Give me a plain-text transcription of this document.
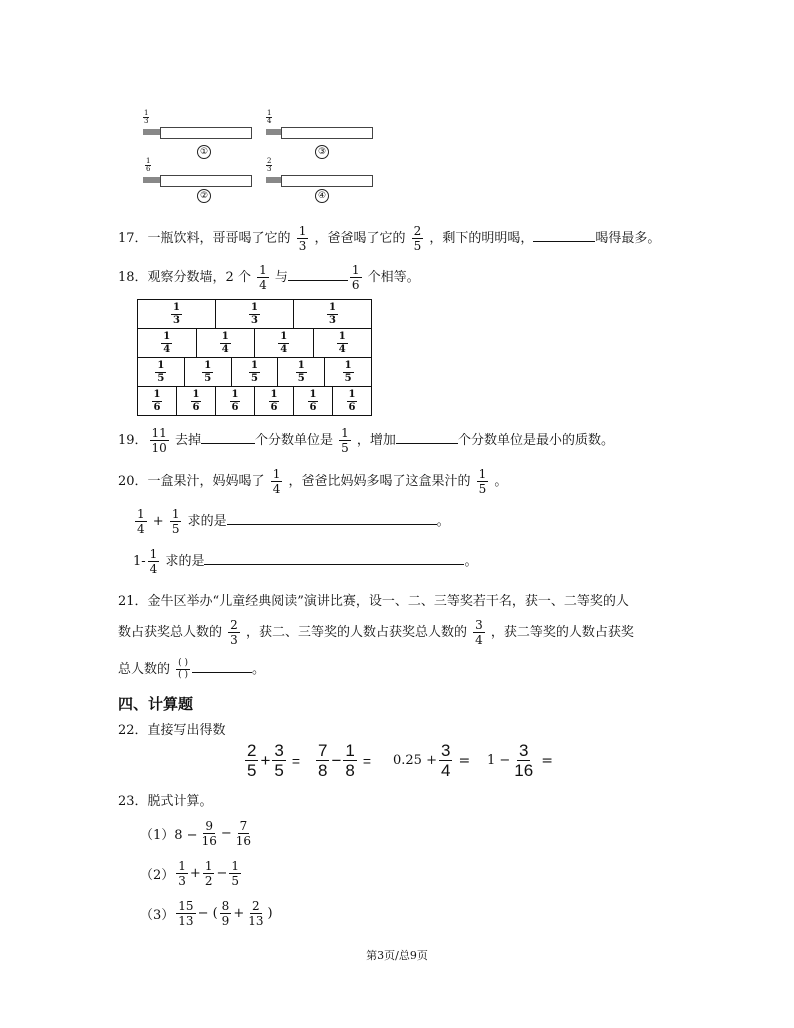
1
3
①
1
4
③
1
6
②
2
3
④
17．一瓶饮料，哥哥喝了它的 $\frac{1}{3}$ ，爸爸喝了它的 $\frac{2}{5}$ ，剩下的明明喝，	喝得最多。
18．观察分数墙，2 个 $\frac{1}{4}$ 与	$\frac{1}{6}$ 个相等。
$\frac{1}{3}$	$\frac{1}{3}$	$\frac{1}{3}$
$\frac{1}{4}$	$\frac{1}{4}$	$\frac{1}{4}$	$\frac{1}{4}$
$\frac{1}{5}$	$\frac{1}{5}$	$\frac{1}{5}$	$\frac{1}{5}$	$\frac{1}{5}$
$\frac{1}{6}$	$\frac{1}{6}$	$\frac{1}{6}$	$\frac{1}{6}$	$\frac{1}{6}$	$\frac{1}{6}$
19． $\frac{11}{10}$ 去掉	个分数单位是 $\frac{1}{5}$ ，增加	个分数单位是最小的质数。
20．一盒果汁，妈妈喝了 $\frac{1}{4}$ ，爸爸比妈妈多喝了这盒果汁的 $\frac{1}{5}$ 。
$\frac{1}{4} + \frac{1}{5}$ 求的是	。
$1- \frac{1}{4}$ 求的是	。
21．金牛区举办“儿童经典阅读”演讲比赛，设一、二、三等奖若干名，获一、二等奖的人
数占获奖总人数的 $\frac{2}{3}$ ，获二、三等奖的人数占获奖总人数的 $\frac{3}{4}$ ，获二等奖的人数占获奖
总人数的 $\frac{( )}{( )}$	。
四、计算题
22．直接写出得数
$\frac{2}{5} + \frac{3}{5} = \frac{7}{8} - \frac{1}{8} = 0.25 + \frac{3}{4} = 1 - \frac{3}{16}$ =
23．脱式计算。
$(1)8 - \frac{9}{16} - \frac{7}{16}$
$(2) \frac{1}{3} + \frac{1}{2} - \frac{1}{5}$
$(3) \frac{15}{13}$ − ( $\frac{8}{9} + \frac{2}{13}$ )
第3页/总9页
